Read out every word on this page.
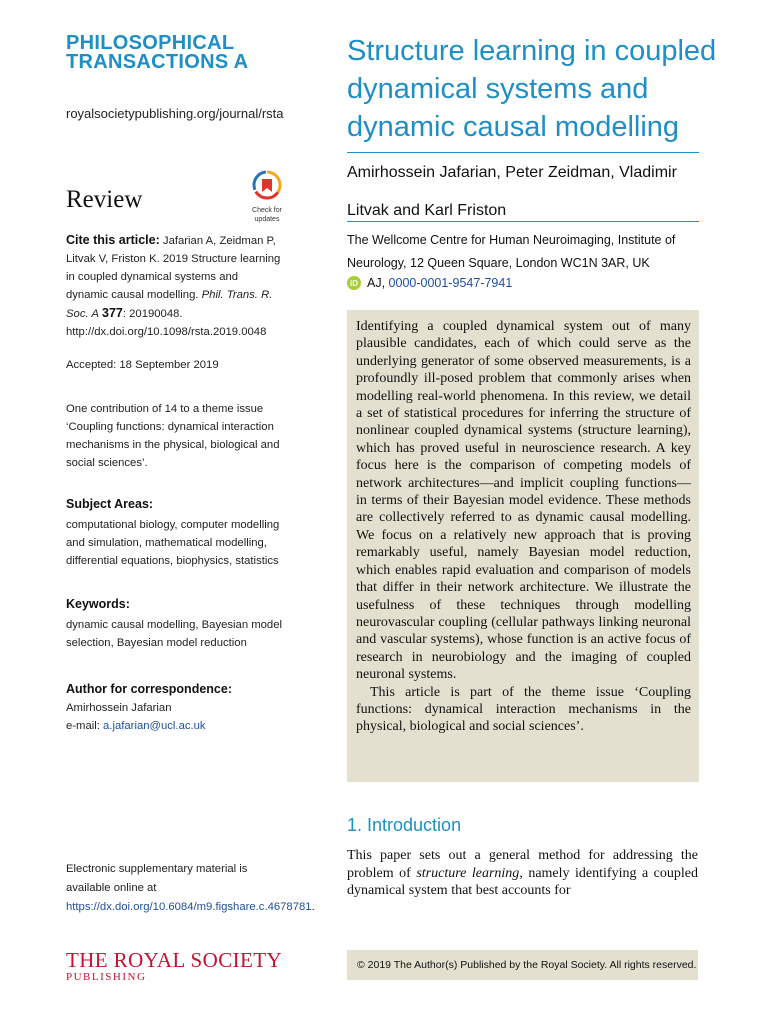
PHILOSOPHICAL
TRANSACTIONS A
royalsocietypublishing.org/journal/rsta
Review	Check for
updates
Cite this article: Jafarian A, Zeidman P, Litvak V, Friston K. 2019 Structure learning in coupled dynamical systems and dynamic causal modelling. Phil. Trans. R. Soc. A 377: 20190048. http://dx.doi.org/10.1098/rsta.2019.0048
Accepted: 18 September 2019
One contribution of 14 to a theme issue ‘Coupling functions: dynamical interaction mechanisms in the physical, biological and social sciences’.
Subject Areas:
computational biology, computer modelling and simulation, mathematical modelling, differential equations, biophysics, statistics
Keywords:
dynamic causal modelling, Bayesian model selection, Bayesian model reduction
Author for correspondence:
Amirhossein Jafarian
e-mail: a.jafarian@ucl.ac.uk
Electronic supplementary material is available online at https://dx.doi.org/10.6084/m9.figshare.c.4678781.
THE ROYAL SOCIETY
PUBLISHING
Structure learning in coupled dynamical systems and dynamic causal modelling
Amirhossein Jafarian, Peter Zeidman, Vladimir Litvak and Karl Friston
The Wellcome Centre for Human Neuroimaging, Institute of Neurology, 12 Queen Square, London WC1N 3AR, UK
iD AJ, 0000-0001-9547-7941

Identifying a coupled dynamical system out of many plausible candidates, each of which could serve as the underlying generator of some observed measurements, is a profoundly ill-posed problem that commonly arises when modelling real-world phenomena. In this review, we detail a set of statistical procedures for inferring the structure of nonlinear coupled dynamical systems (structure learning), which has proved useful in neuroscience research. A key focus here is the comparison of competing models of network architectures—and implicit coupling functions—in terms of their Bayesian model evidence. These methods are collectively referred to as dynamic causal modelling. We focus on a relatively new approach that is proving remarkably useful, namely Bayesian model reduction, which enables rapid evaluation and comparison of models that differ in their network architecture. We illustrate the usefulness of these techniques through modelling neurovascular coupling (cellular pathways linking neuronal and vascular systems), whose function is an active focus of research in neurobiology and the imaging of coupled neuronal systems.

This article is part of the theme issue ‘Coupling functions: dynamical interaction mechanisms in the physical, biological and social sciences’.

1. Introduction
This paper sets out a general method for addressing the problem of structure learning, namely identifying a coupled dynamical system that best accounts for
© 2019 The Author(s) Published by the Royal Society. All rights reserved.
